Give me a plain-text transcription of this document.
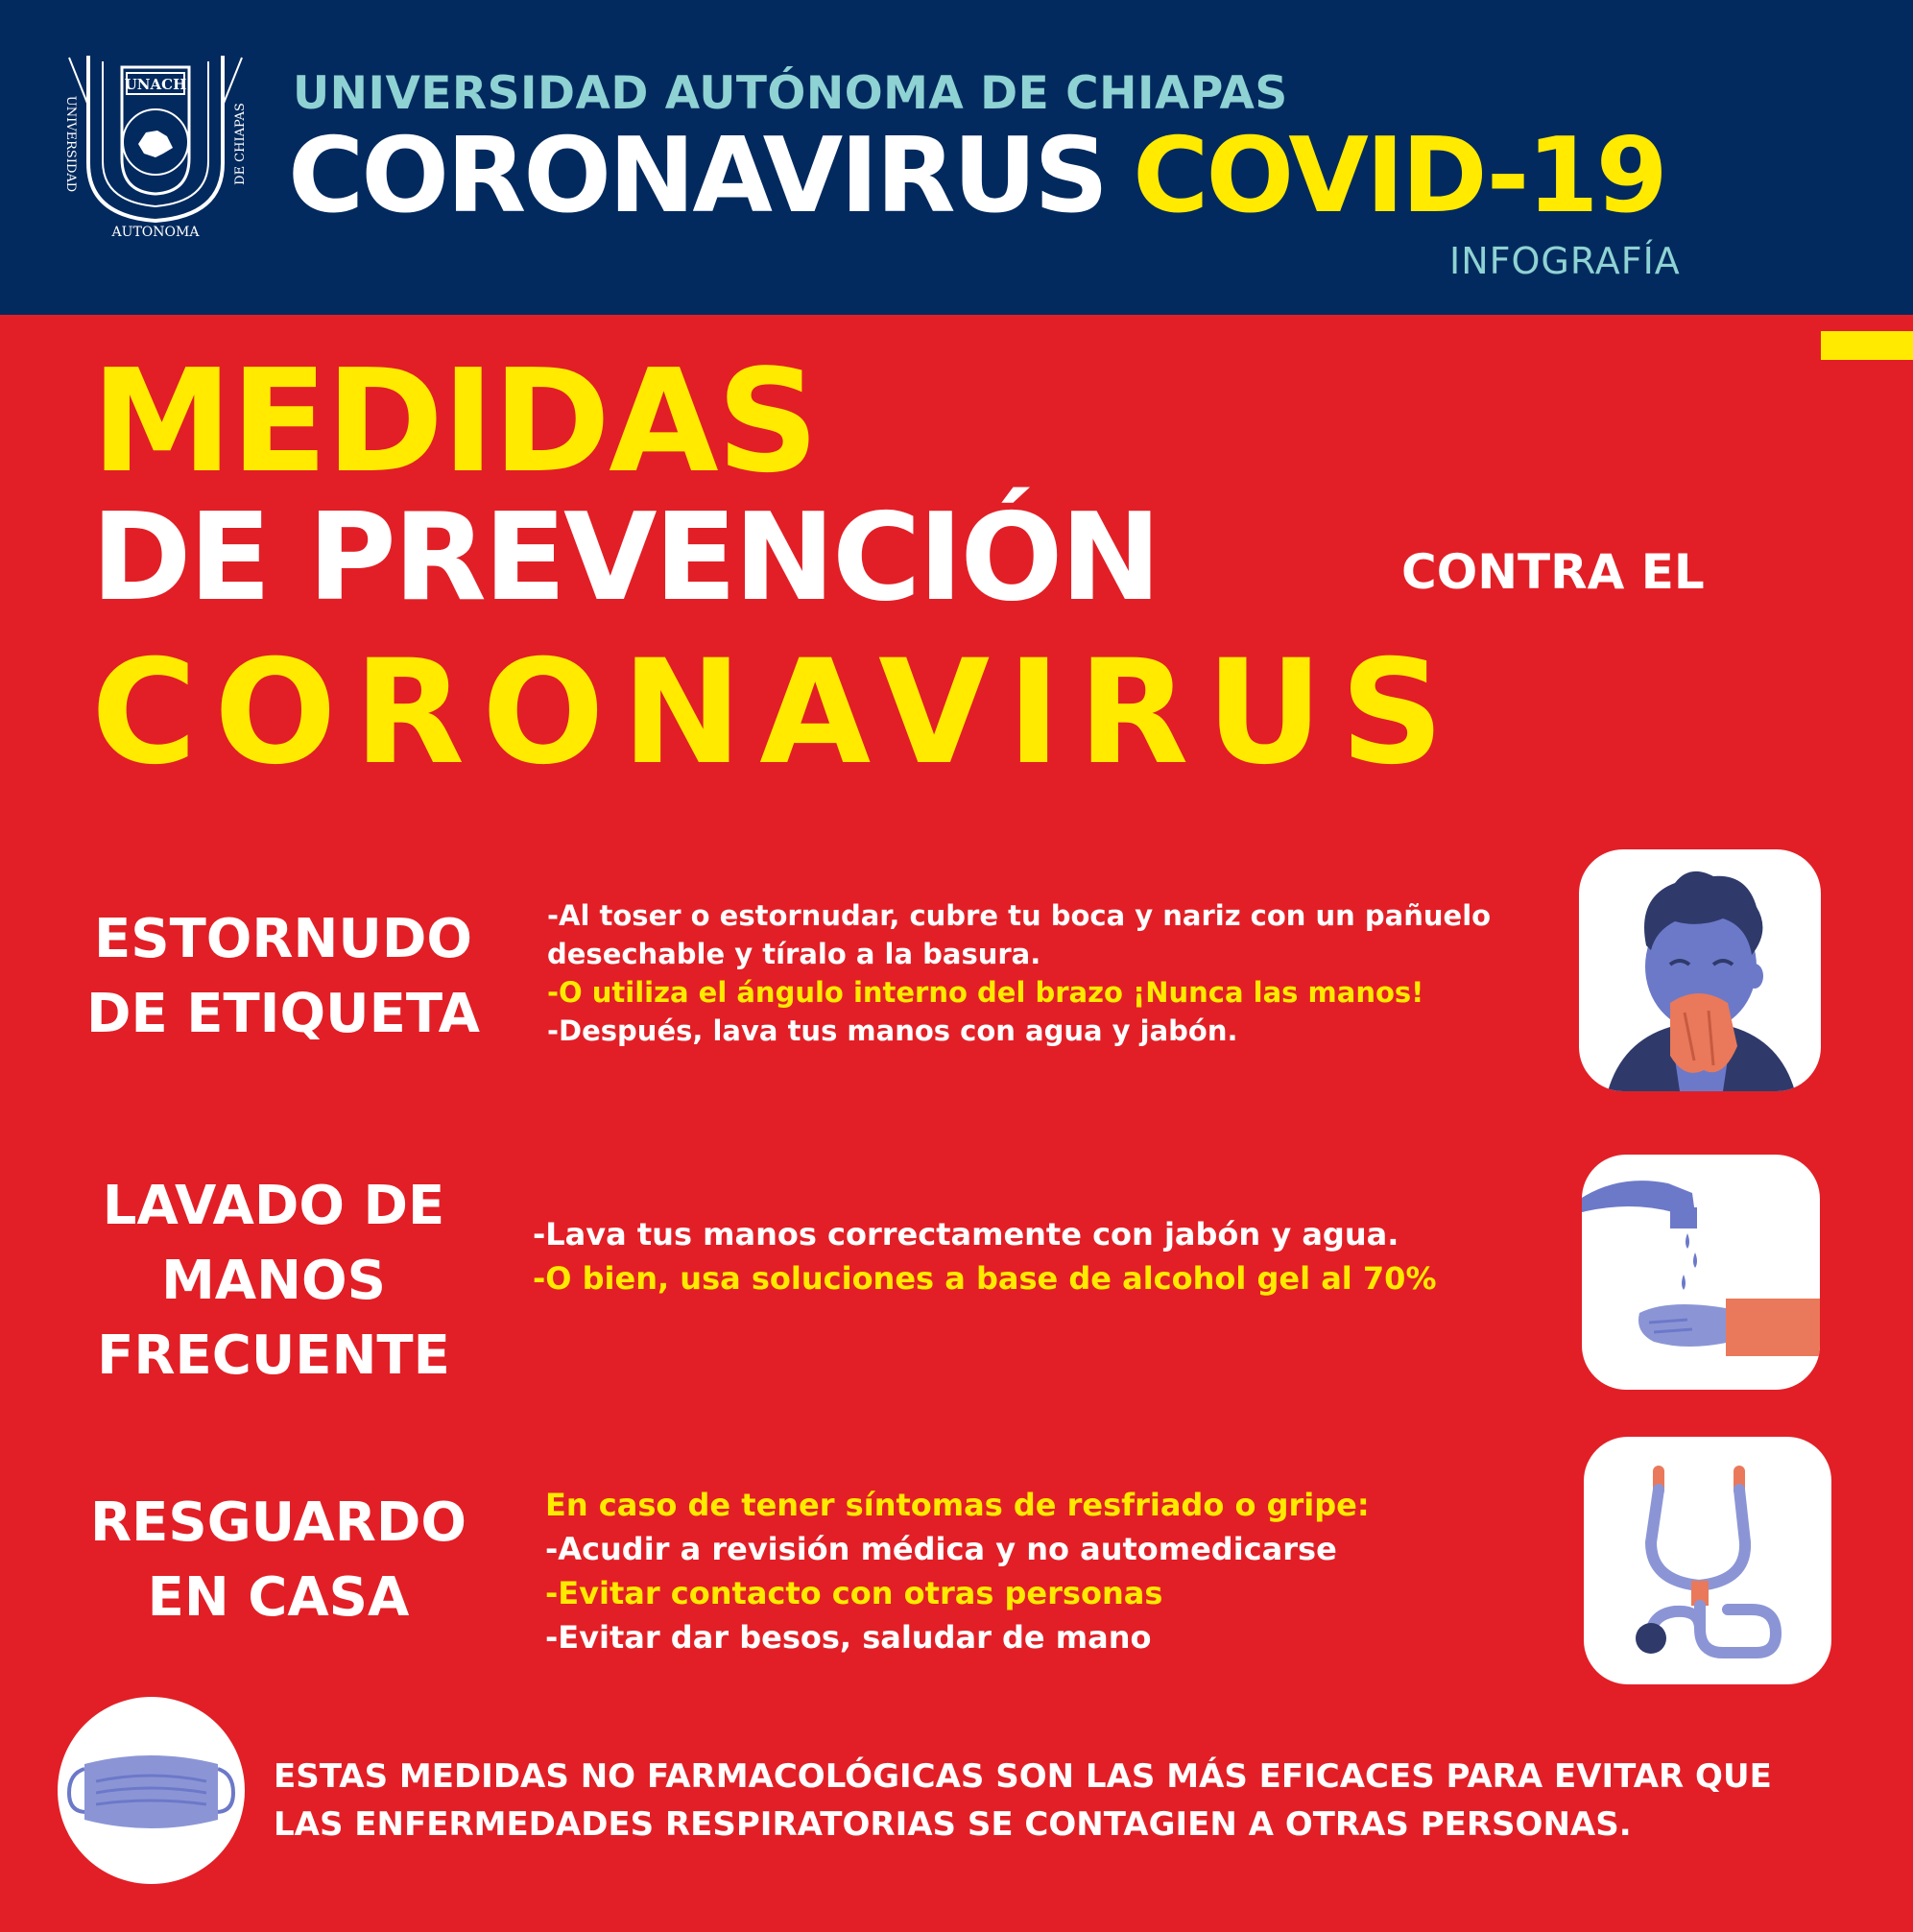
UNIVERSIDAD	DE CHIAPAS
UNACH
AUTONOMA
UNIVERSIDAD AUTÓNOMA DE CHIAPAS
CORONAVIRUS COVID-19
INFOGRAFÍA
MEDIDAS
DE PREVENCIÓN	CONTRA EL
CORONAVIRUS
ESTORNUDO
DE ETIQUETA
-Al toser o estornudar, cubre tu boca y nariz con un pañuelo
desechable y tíralo a la basura.
-O utiliza el ángulo interno del brazo ¡Nunca las manos!
-Después, lava tus manos con agua y jabón.
LAVADO DE
MANOS
FRECUENTE
-Lava tus manos correctamente con jabón y agua.
-O bien, usa soluciones a base de alcohol gel al 70%
RESGUARDO
EN CASA
En caso de tener síntomas de resfriado o gripe:
-Acudir a revisión médica y no automedicarse
-Evitar contacto con otras personas
-Evitar dar besos, saludar de mano
ESTAS MEDIDAS NO FARMACOLÓGICAS SON LAS MÁS EFICACES PARA EVITAR QUE
LAS ENFERMEDADES RESPIRATORIAS SE CONTAGIEN A OTRAS PERSONAS.
